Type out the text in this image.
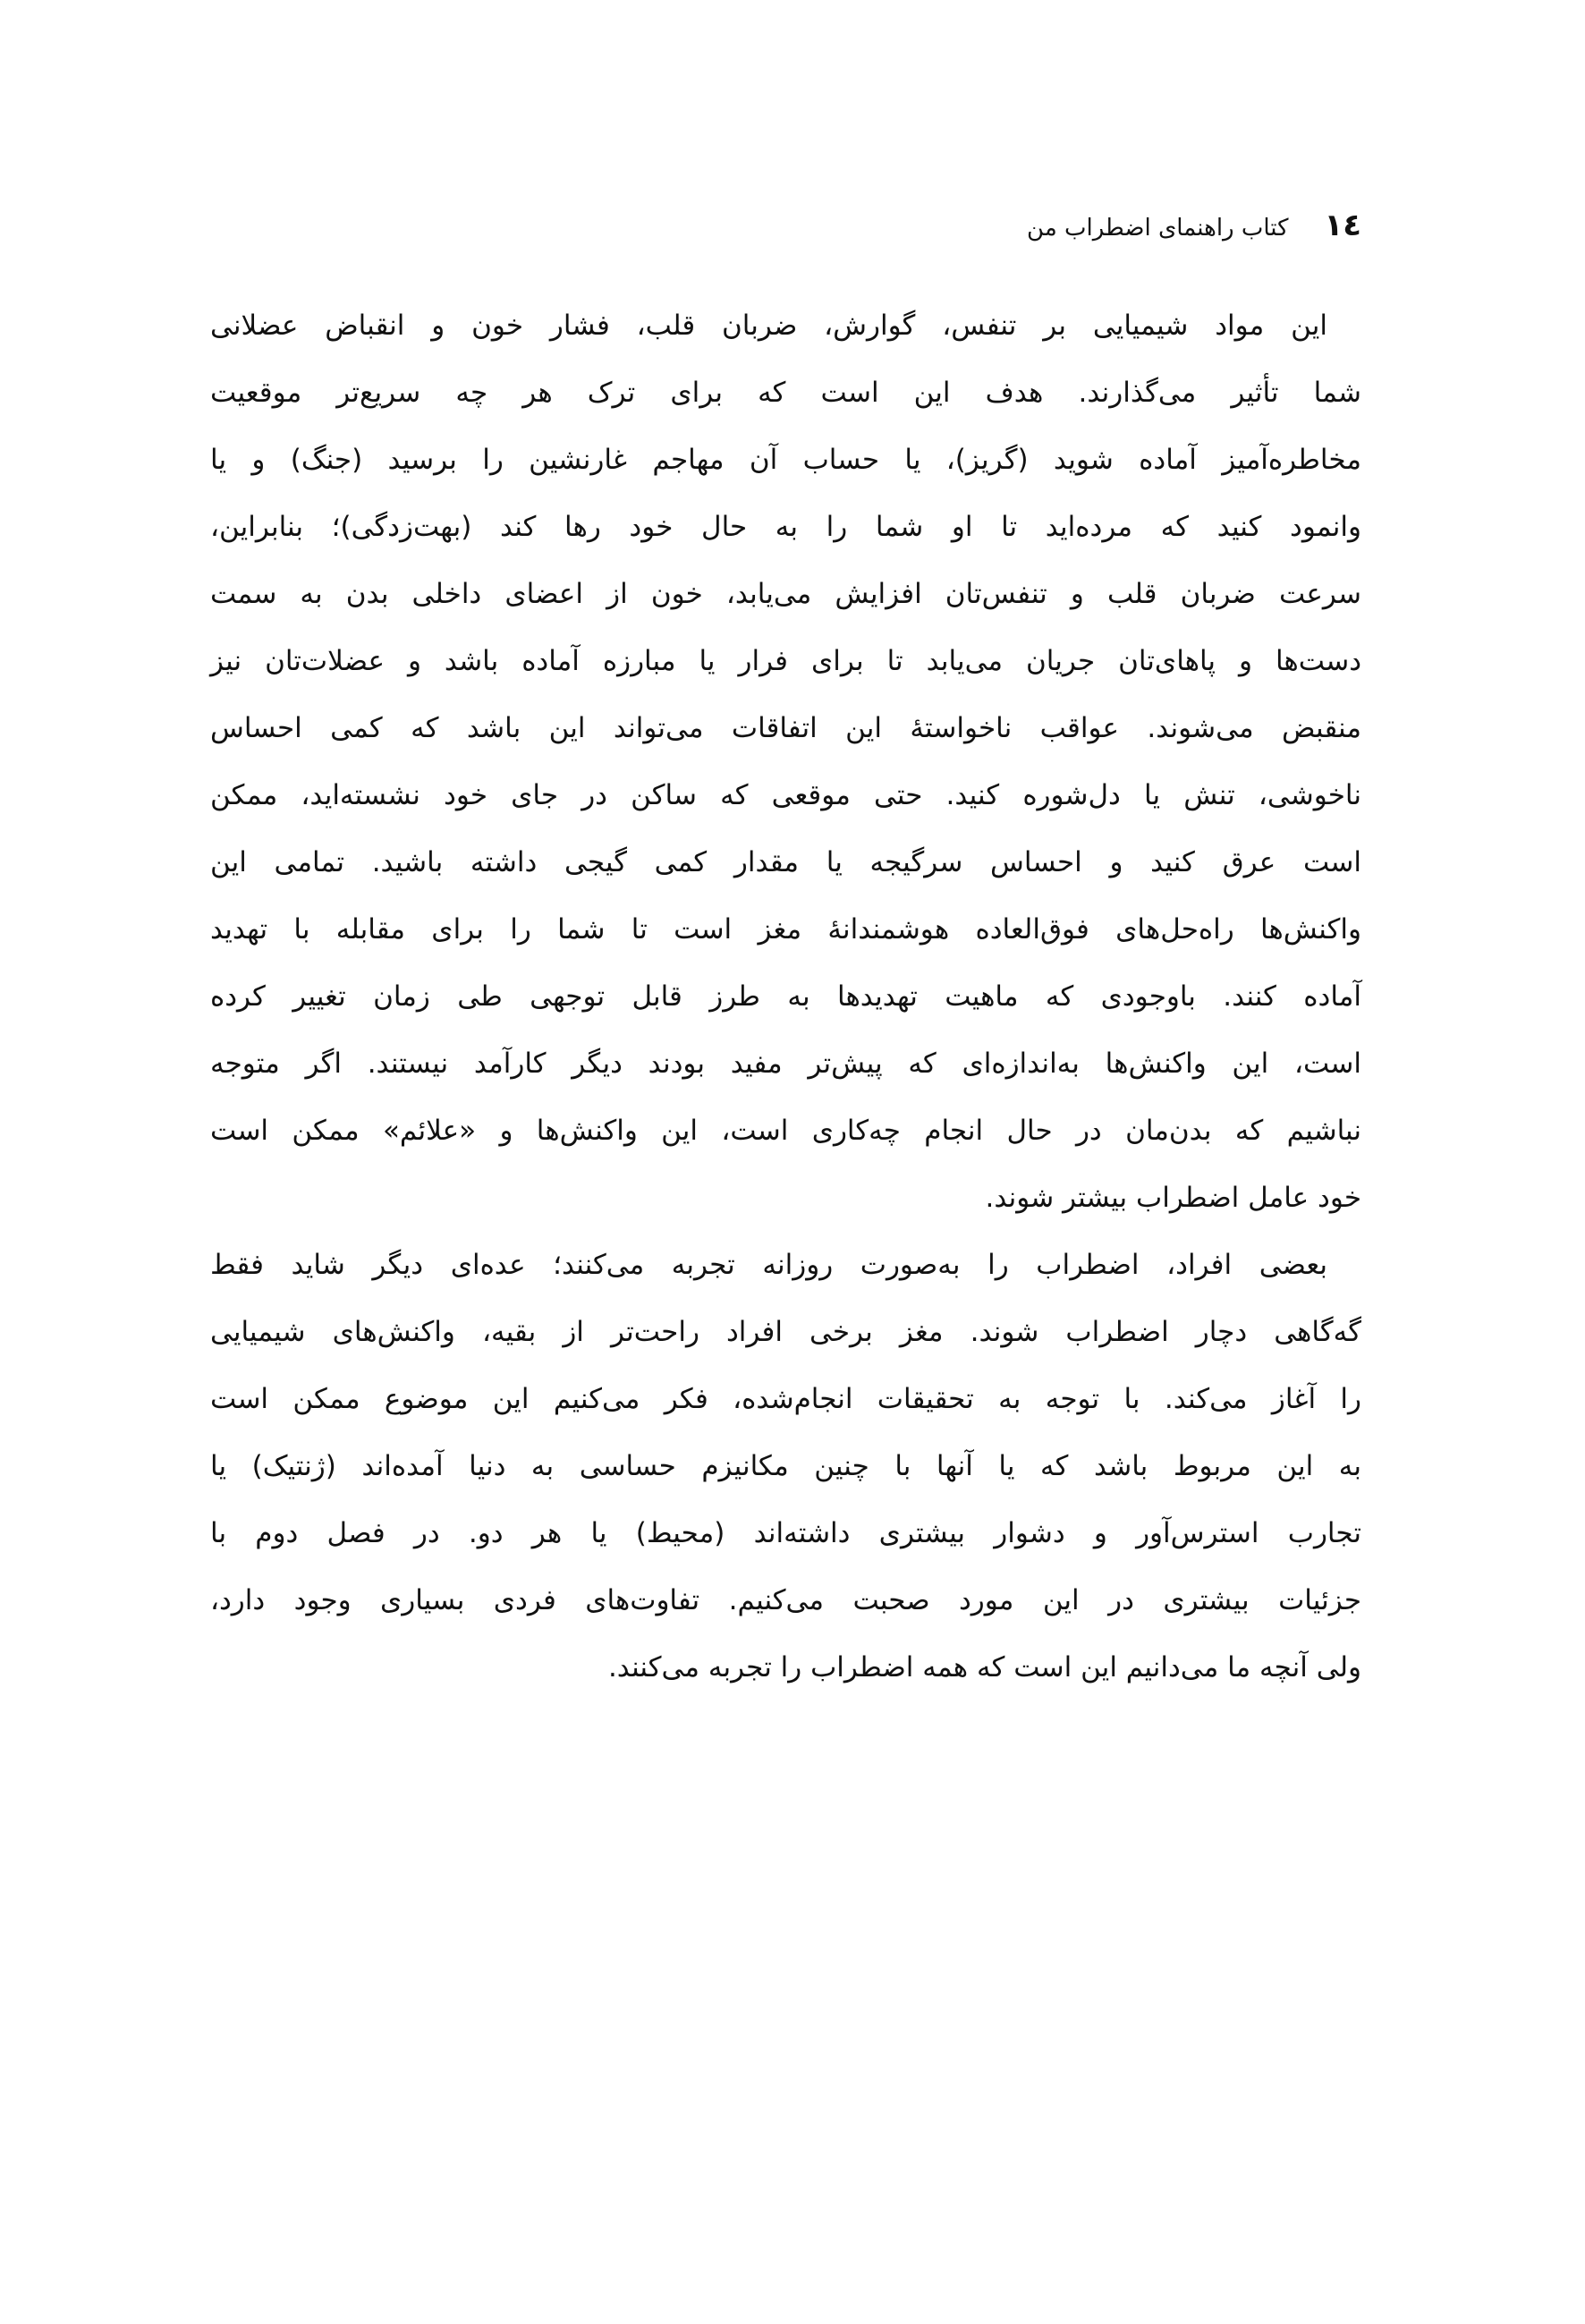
١٤
کتاب راهنمای اضطراب من
این مواد شیمیایی بر تنفس، گوارش، ضربان قلب، فشار خون و انقباض عضلانی
شما تأثیر می‌گذارند. هدف این است که برای ترک هر چه سریع‌تر موقعیت
مخاطره‌آمیز آماده شوید (گریز)، یا حساب آن مهاجم غارنشین را برسید (جنگ) و یا
وانمود کنید که مرده‌اید تا او شما را به حال خود رها کند (بهت‌زدگی)؛ بنابراین،
سرعت ضربان قلب و تنفس‌تان افزایش می‌یابد، خون از اعضای داخلی بدن به سمت
دست‌ها و پاهای‌تان جریان می‌یابد تا برای فرار یا مبارزه آماده باشد و عضلات‌تان نیز
منقبض می‌شوند. عواقب ناخواستهٔ این اتفاقات می‌تواند این باشد که کمی احساس
ناخوشی، تنش یا دل‌شوره کنید. حتی موقعی که ساکن در جای خود نشسته‌اید، ممکن
است عرق کنید و احساس سرگیجه یا مقدار کمی گیجی داشته باشید. تمامی این
واکنش‌ها راه‌حل‌های فوق‌العاده هوشمندانهٔ مغز است تا شما را برای مقابله با تهدید
آماده کنند. باوجودی که ماهیت تهدیدها به طرز قابل توجهی طی زمان تغییر کرده
است، این واکنش‌ها به‌اندازه‌ای که پیش‌تر مفید بودند دیگر کارآمد نیستند. اگر متوجه
نباشیم که بدن‌مان در حال انجام چه‌کاری است، این واکنش‌ها و «علائم» ممکن است
خود عامل اضطراب بیشتر شوند.
بعضی افراد، اضطراب را به‌صورت روزانه تجربه می‌کنند؛ عده‌ای دیگر شاید فقط
گه‌گاهی دچار اضطراب شوند. مغز برخی افراد راحت‌تر از بقیه، واکنش‌های شیمیایی
را آغاز می‌کند. با توجه به تحقیقات انجام‌شده، فکر می‌کنیم این موضوع ممکن است
به این مربوط باشد که یا آنها با چنین مکانیزم حساسی به دنیا آمده‌اند (ژنتیک) یا
تجارب استرس‌آور و دشوار بیشتری داشته‌اند (محیط) یا هر دو. در فصل دوم با
جزئیات بیشتری در این مورد صحبت می‌کنیم. تفاوت‌های فردی بسیاری وجود دارد،
ولی آنچه ما می‌دانیم این است که همه اضطراب را تجربه می‌کنند.
